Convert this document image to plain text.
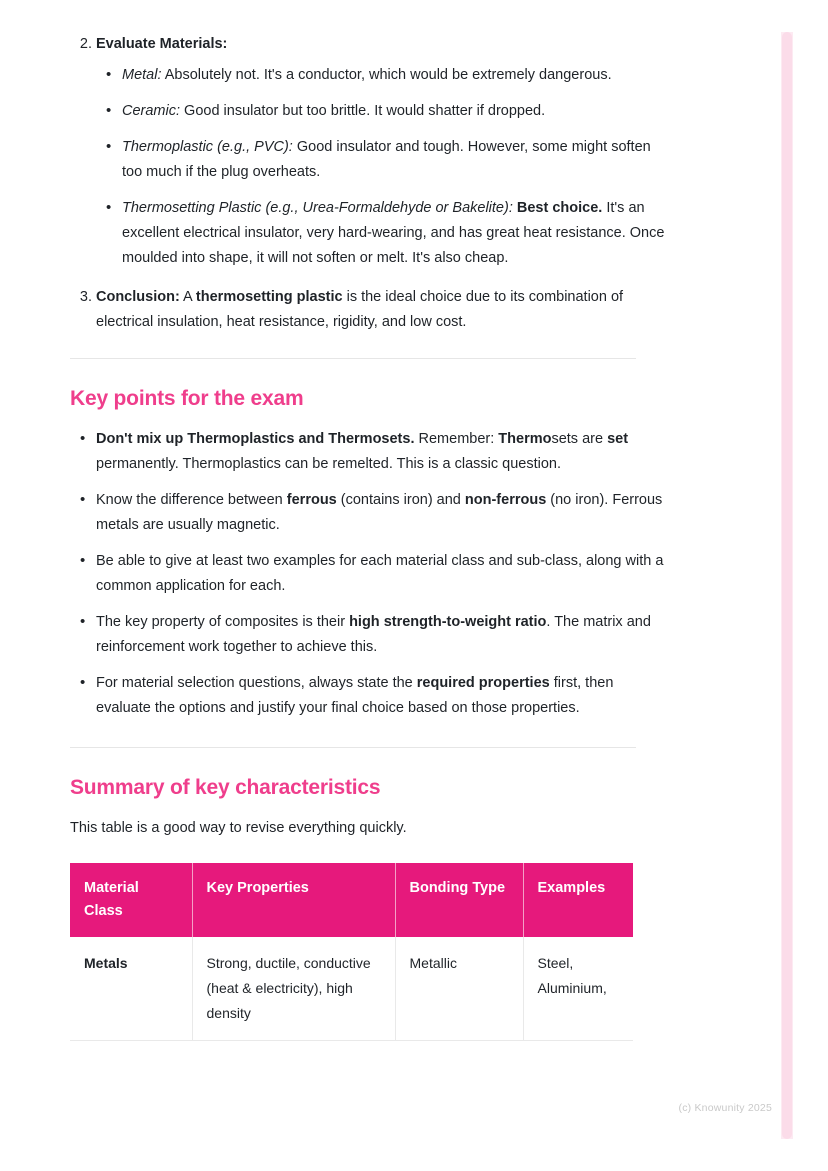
2. Evaluate Materials:
• Metal: Absolutely not. It's a conductor, which would be extremely dangerous.
• Ceramic: Good insulator but too brittle. It would shatter if dropped.
• Thermoplastic (e.g., PVC): Good insulator and tough. However, some might soften too much if the plug overheats.
• Thermosetting Plastic (e.g., Urea-Formaldehyde or Bakelite): Best choice. It's an excellent electrical insulator, very hard-wearing, and has great heat resistance. Once moulded into shape, it will not soften or melt. It's also cheap.
3. Conclusion: A thermosetting plastic is the ideal choice due to its combination of electrical insulation, heat resistance, rigidity, and low cost.
Key points for the exam
• Don't mix up Thermoplastics and Thermosets. Remember: Thermosets are set permanently. Thermoplastics can be remelted. This is a classic question.
• Know the difference between ferrous (contains iron) and non-ferrous (no iron). Ferrous metals are usually magnetic.
• Be able to give at least two examples for each material class and sub-class, along with a common application for each.
• The key property of composites is their high strength-to-weight ratio. The matrix and reinforcement work together to achieve this.
• For material selection questions, always state the required properties first, then evaluate the options and justify your final choice based on those properties.
Summary of key characteristics

This table is a good way to revise everything quickly.

Material Class	Key Properties	Bonding Type	Examples
Metals	Strong, ductile, conductive (heat & electricity), high density	Metallic	Steel, Aluminium,
(c) Knowunity 2025
